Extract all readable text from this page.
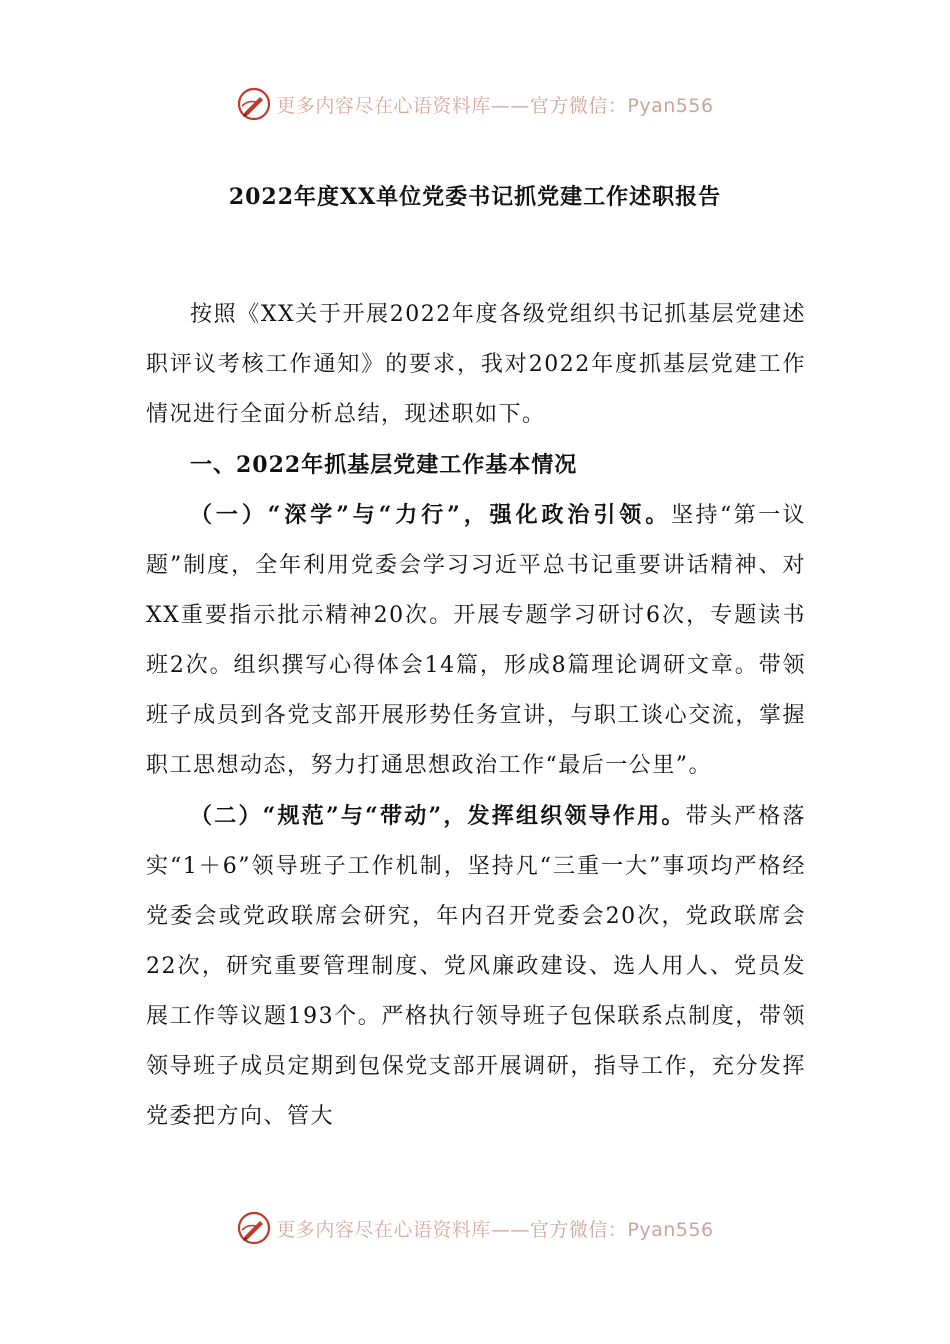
更多内容尽在心语资料库——官方微信：Pyan556
2022年度XX单位党委书记抓党建工作述职报告

按照《XX关于开展2022年度各级党组织书记抓基层党建述职评议考核工作通知》的要求，我对2022年度抓基层党建工作情况进行全面分析总结，现述职如下。

一、2022年抓基层党建工作基本情况

（一）“深学”与“力行”，强化政治引领。坚持“第一议题”制度，全年利用党委会学习习近平总书记重要讲话精神、对XX重要指示批示精神20次。开展专题学习研讨6次，专题读书班2次。组织撰写心得体会14篇，形成8篇理论调研文章。带领班子成员到各党支部开展形势任务宣讲，与职工谈心交流，掌握职工思想动态，努力打通思想政治工作“最后一公里”。

（二）“规范”与“带动”，发挥组织领导作用。带头严格落实“1＋6”领导班子工作机制，坚持凡“三重一大”事项均严格经党委会或党政联席会研究，年内召开党委会20次，党政联席会22次，研究重要管理制度、党风廉政建设、选人用人、党员发展工作等议题193个。严格执行领导班子包保联系点制度，带领领导班子成员定期到包保党支部开展调研，指导工作，充分发挥党委把方向、管大

更多内容尽在心语资料库——官方微信：Pyan556
